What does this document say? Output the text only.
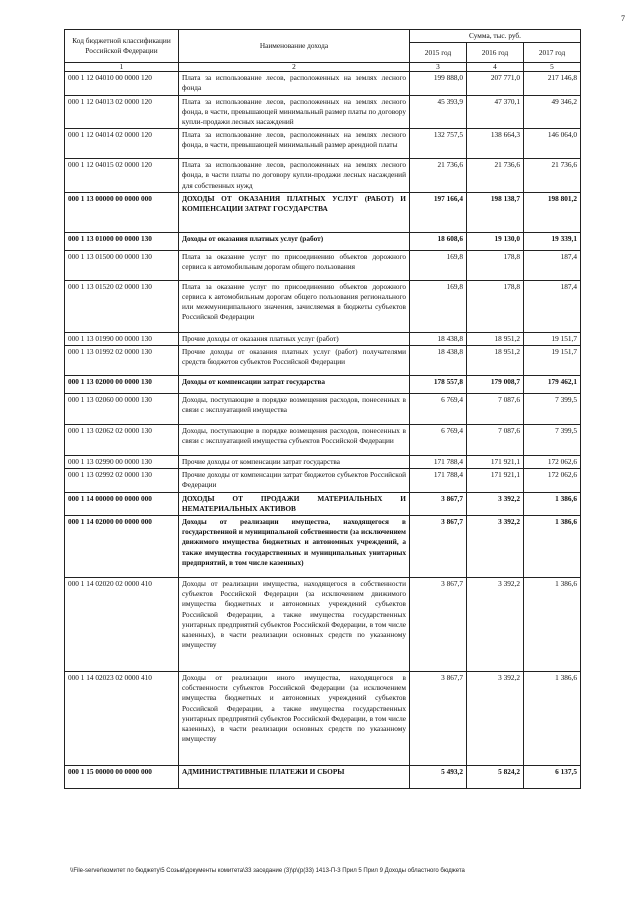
7
Код бюджетной классификации Российской Федерации	Наименование дохода	Сумма, тыс. руб.		
		2015 год	2016 год	2017 год
1	2	3	4	5
000 1 12 04010 00 0000 120	Плата за использование лесов, расположенных на землях лесного фонда	199 888,0	207 771,0	217 146,8
000 1 12 04013 02 0000 120	Плата за использование лесов, расположенных на землях лесного фонда, в части, превышающей минимальный размер платы по договору купли-продажи лесных насаждений	45 393,9	47 370,1	49 346,2
000 1 12 04014 02 0000 120	Плата за использование лесов, расположенных на землях лесного фонда, в части, превышающей минимальный размер арендной платы	132 757,5	138 664,3	146 064,0
000 1 12 04015 02 0000 120	Плата за использование лесов, расположенных на землях лесного фонда, в части платы по договору купли-продажи лесных насаждений для собственных нужд	21 736,6	21 736,6	21 736,6
000 1 13 00000 00 0000 000	ДОХОДЫ ОТ ОКАЗАНИЯ ПЛАТНЫХ УСЛУГ (РАБОТ) И КОМПЕНСАЦИИ ЗАТРАТ ГОСУДАРСТВА	197 166,4	198 138,7	198 801,2
000 1 13 01000 00 0000 130	Доходы от оказания платных услуг (работ)	18 608,6	19 130,0	19 339,1
000 1 13 01500 00 0000 130	Плата за оказание услуг по присоединению объектов дорожного сервиса к автомобильным дорогам общего пользования	169,8	178,8	187,4
000 1 13 01520 02 0000 130	Плата за оказание услуг по присоединению объектов дорожного сервиса к автомобильным дорогам общего пользования регионального или межмуниципального значения, зачисляемая в бюджеты субъектов Российской Федерации	169,8	178,8	187,4
000 1 13 01990 00 0000 130	Прочие доходы от оказания платных услуг (работ)	18 438,8	18 951,2	19 151,7
000 1 13 01992 02 0000 130	Прочие доходы от оказания платных услуг (работ) получателями средств бюджетов субъектов Российской Федерации	18 438,8	18 951,2	19 151,7
000 1 13 02000 00 0000 130	Доходы от компенсации затрат государства	178 557,8	179 008,7	179 462,1
000 1 13 02060 00 0000 130	Доходы, поступающие в порядке возмещения расходов, понесенных в связи с эксплуатацией имущества	6 769,4	7 087,6	7 399,5
000 1 13 02062 02 0000 130	Доходы, поступающие в порядке возмещения расходов, понесенных в связи с эксплуатацией имущества субъектов Российской Федерации	6 769,4	7 087,6	7 399,5
000 1 13 02990 00 0000 130	Прочие доходы от компенсации затрат государства	171 788,4	171 921,1	172 062,6
000 1 13 02992 02 0000 130	Прочие доходы от компенсации затрат бюджетов субъектов Российской Федерации	171 788,4	171 921,1	172 062,6
000 1 14 00000 00 0000 000	ДОХОДЫ ОТ ПРОДАЖИ МАТЕРИАЛЬНЫХ И НЕМАТЕРИАЛЬНЫХ АКТИВОВ	3 867,7	3 392,2	1 386,6
000 1 14 02000 00 0000 000	Доходы от реализации имущества, находящегося в государственной и муниципальной собственности (за исключением движимого имущества бюджетных и автономных учреждений, а также имущества государственных и муниципальных унитарных предприятий, в том числе казенных)	3 867,7	3 392,2	1 386,6
000 1 14 02020 02 0000 410	Доходы от реализации имущества, находящегося в собственности субъектов Российской Федерации (за исключением движимого имущества бюджетных и автономных учреждений субъектов Российской Федерации, а также имущества государственных унитарных предприятий субъектов Российской Федерации, в том числе казенных), в части реализации основных средств по указанному имуществу	3 867,7	3 392,2	1 386,6
000 1 14 02023 02 0000 410	Доходы от реализации иного имущества, находящегося в собственности субъектов Российской Федерации (за исключением имущества бюджетных и автономных учреждений субъектов Российской Федерации, а также имущества государственных унитарных предприятий субъектов Российской Федерации, в том числе казенных), в части реализации основных средств по указанному имуществу	3 867,7	3 392,2	1 386,6
000 1 15 00000 00 0000 000	АДМИНИСТРАТИВНЫЕ ПЛАТЕЖИ И СБОРЫ	5 493,2	5 824,2	6 137,5
\\File-server\комитет по бюджету\5 Созыв\документы комитета\33 заседание (3)\р\(р(33) 1413-П-3 Прил 5 Прил 9 Доходы областного бюджета
